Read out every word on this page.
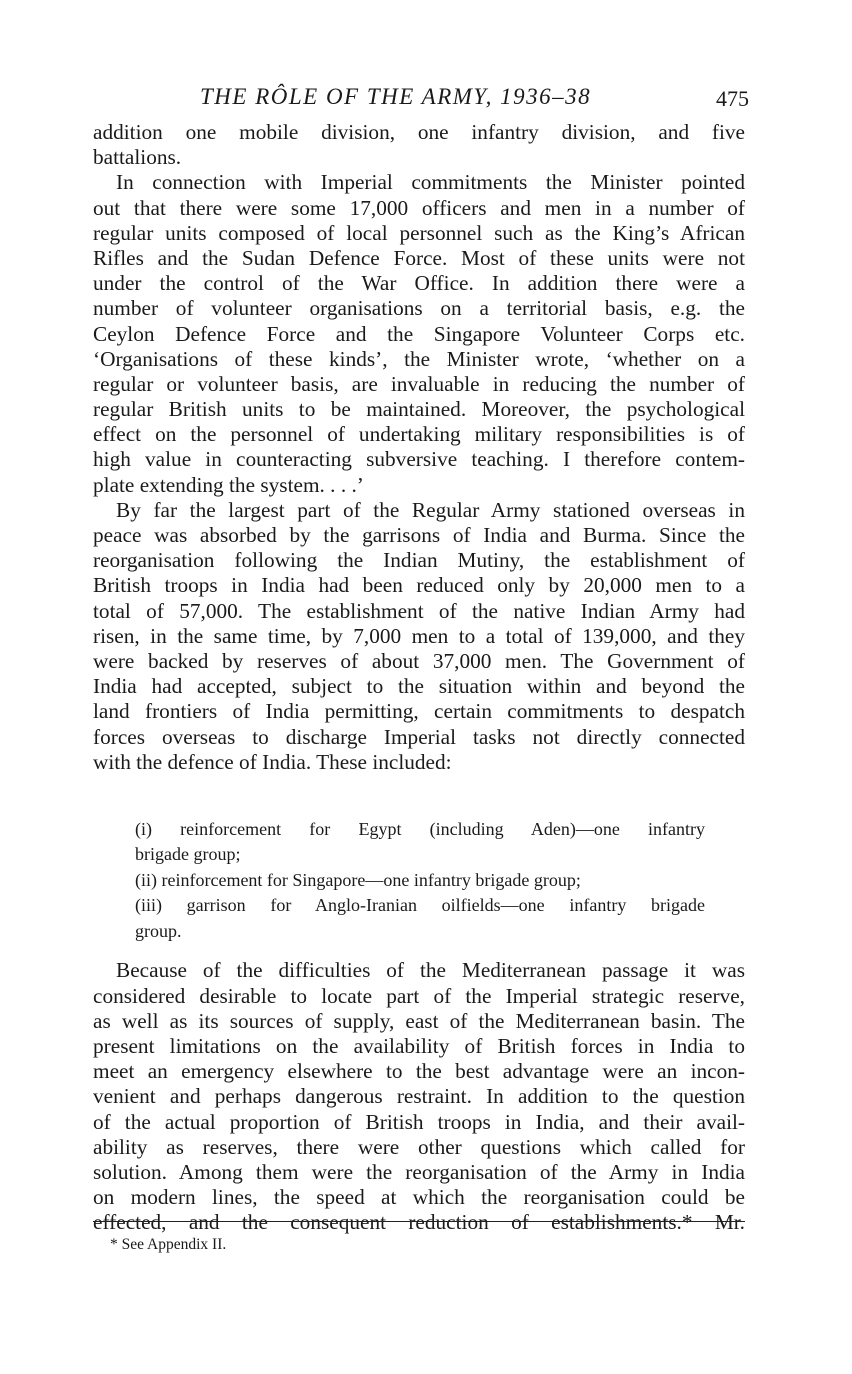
THE RÔLE OF THE ARMY, 1936–38	475
addition one mobile division, one infantry division, and five
battalions.
In connection with Imperial commitments the Minister pointed
out that there were some 17,000 officers and men in a number of
regular units composed of local personnel such as the King’s African
Rifles and the Sudan Defence Force. Most of these units were not
under the control of the War Office. In addition there were a
number of volunteer organisations on a territorial basis, e.g. the
Ceylon Defence Force and the Singapore Volunteer Corps etc.
‘Organisations of these kinds’, the Minister wrote, ‘whether on a
regular or volunteer basis, are invaluable in reducing the number of
regular British units to be maintained. Moreover, the psychological
effect on the personnel of undertaking military responsibilities is of
high value in counteracting subversive teaching. I therefore contem-
plate extending the system. . . .’
By far the largest part of the Regular Army stationed overseas in
peace was absorbed by the garrisons of India and Burma. Since the
reorganisation following the Indian Mutiny, the establishment of
British troops in India had been reduced only by 20,000 men to a
total of 57,000. The establishment of the native Indian Army had
risen, in the same time, by 7,000 men to a total of 139,000, and they
were backed by reserves of about 37,000 men. The Government of
India had accepted, subject to the situation within and beyond the
land frontiers of India permitting, certain commitments to despatch
forces overseas to discharge Imperial tasks not directly connected
with the defence of India. These included:
(i) reinforcement for Egypt (including Aden)—one infantry
brigade group;
(ii) reinforcement for Singapore—one infantry brigade group;
(iii) garrison for Anglo-Iranian oilfields—one infantry brigade
group.
Because of the difficulties of the Mediterranean passage it was
considered desirable to locate part of the Imperial strategic reserve,
as well as its sources of supply, east of the Mediterranean basin. The
present limitations on the availability of British forces in India to
meet an emergency elsewhere to the best advantage were an incon-
venient and perhaps dangerous restraint. In addition to the question
of the actual proportion of British troops in India, and their avail-
ability as reserves, there were other questions which called for
solution. Among them were the reorganisation of the Army in India
on modern lines, the speed at which the reorganisation could be
effected, and the consequent reduction of establishments.* Mr.
* See Appendix II.
